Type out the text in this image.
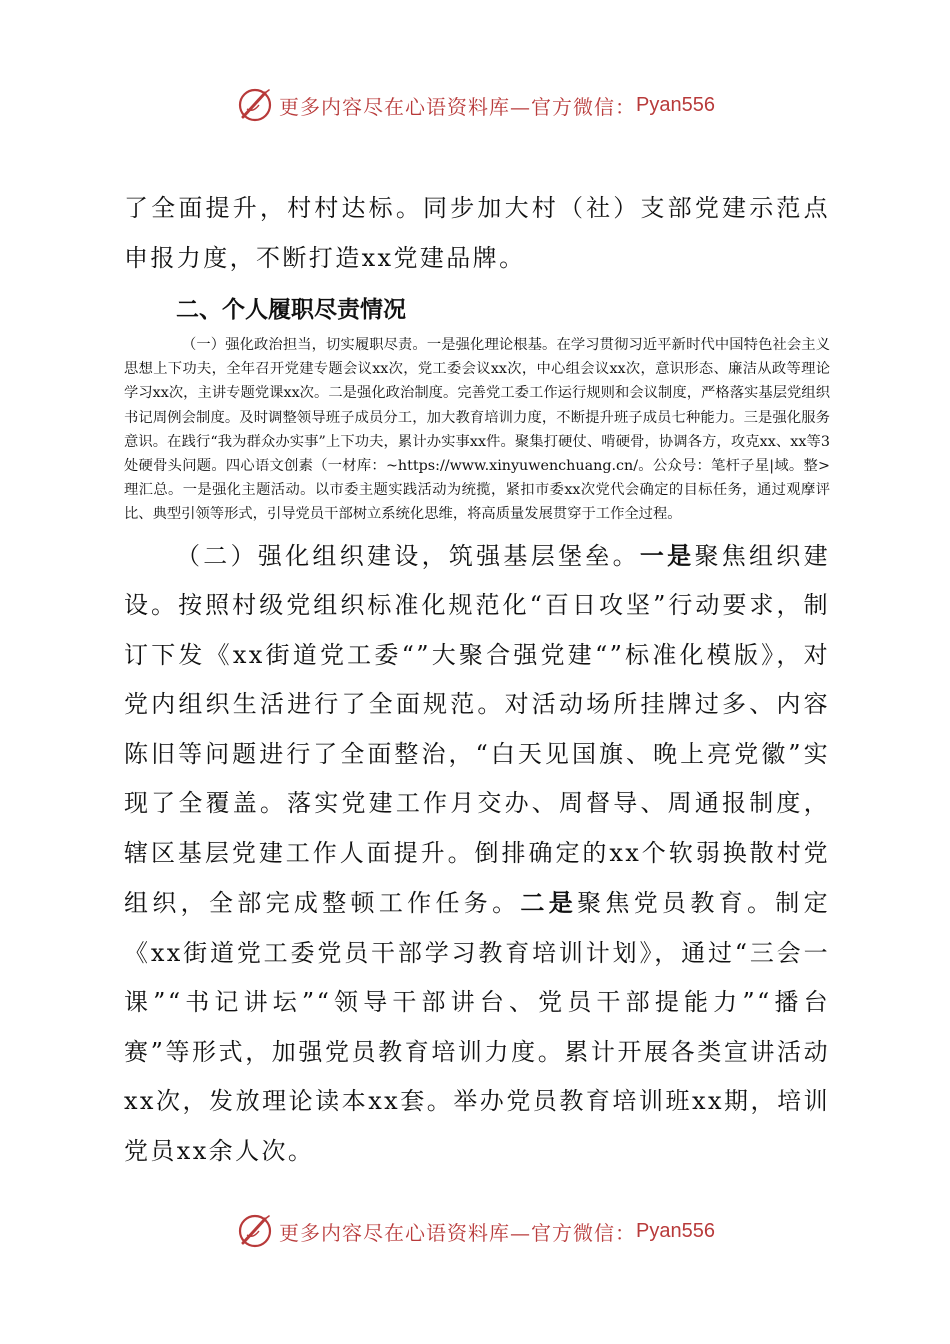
更多内容尽在心语资料库—官方微信： Pyan556

了全面提升，村村达标。同步加大村（社）支部党建示范点申报力度，不断打造xx党建品牌。

二、个人履职尽责情况

（一）强化政治担当，切实履职尽责。一是强化理论根基。在学习贯彻习近平新时代中国特色社会主义思想上下功夫，全年召开党建专题会议xx次，党工委会议xx次，中心组会议xx次，意识形态、廉洁从政等理论学习xx次，主讲专题党课xx次。二是强化政治制度。完善党工委工作运行规则和会议制度，严格落实基层党组织书记周例会制度。及时调整领导班子成员分工，加大教育培训力度，不断提升班子成员七种能力。三是强化服务意识。在践行“我为群众办实事”上下功夫，累计办实事xx件。聚集打硬仗、啃硬骨，协调各方，攻克xx、xx等3处硬骨头问题。四心语文创素（一材库：~https://www.xinyuwenchuang.cn/。公众号：笔杆子星|域。整>理汇总。一是强化主题活动。以市委主题实践活动为统揽，紧扣市委xx次党代会确定的目标任务，通过观摩评比、典型引领等形式，引导党员干部树立系统化思维，将高质量发展贯穿于工作全过程。

（二）强化组织建设，筑强基层堡垒。一是聚焦组织建设。按照村级党组织标准化规范化“百日攻坚”行动要求，制订下发《xx街道党工委“”大聚合强党建“”标准化模版》，对党内组织生活进行了全面规范。对活动场所挂牌过多、内容陈旧等问题进行了全面整治，“白天见国旗、晚上亮党徽”实现了全覆盖。落实党建工作月交办、周督导、周通报制度，辖区基层党建工作人面提升。倒排确定的xx个软弱换散村党组织，全部完成整顿工作任务。二是聚焦党员教育。制定《xx街道党工委党员干部学习教育培训计划》，通过“三会一课”“书记讲坛”“领导干部讲台、党员干部提能力”“播台赛”等形式，加强党员教育培训力度。累计开展各类宣讲活动xx次，发放理论读本xx套。举办党员教育培训班xx期，培训党员xx余人次。

更多内容尽在心语资料库—官方微信： Pyan556
